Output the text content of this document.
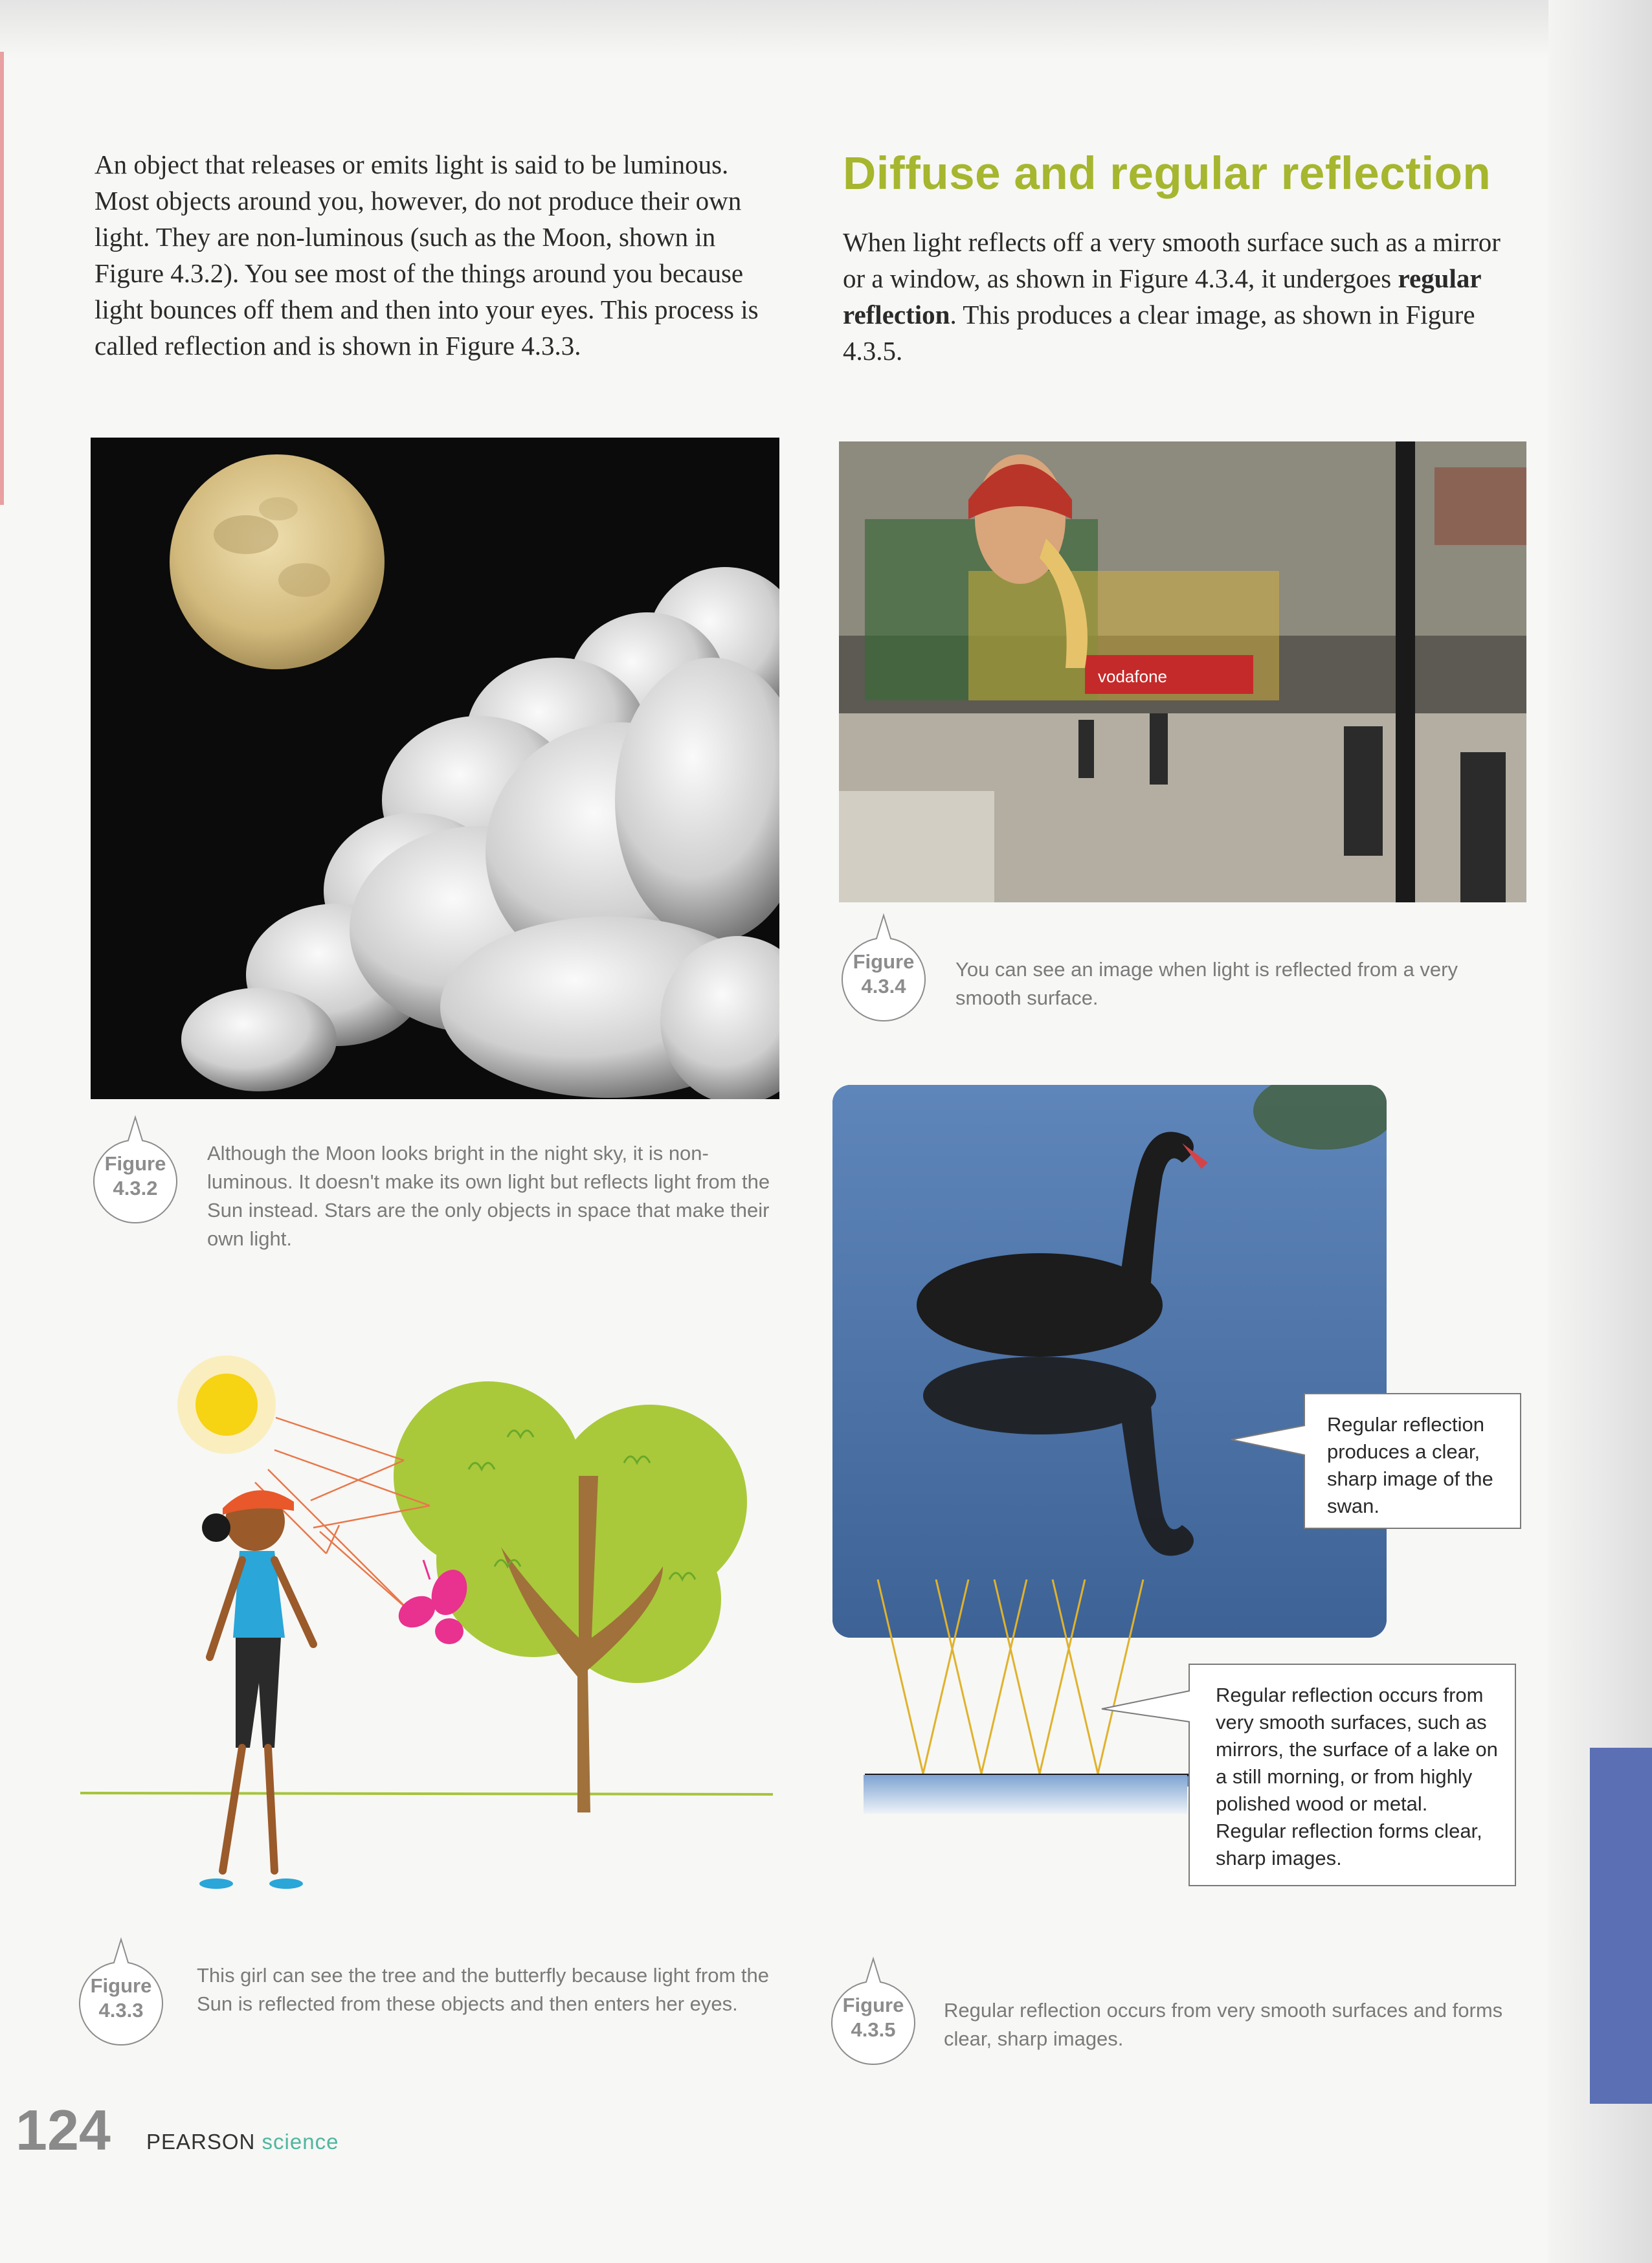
An object that releases or emits light is said to be luminous. Most objects around you, however, do not produce their own light. They are non-luminous (such as the Moon, shown in Figure 4.3.2). You see most of the things around you because light bounces off them and then into your eyes. This process is called reflection and is shown in Figure 4.3.3.

Diffuse and regular reflection

When light reflects off a very smooth surface such as a mirror or a window, as shown in Figure 4.3.4, it undergoes regular reflection. This produces a clear image, as shown in Figure 4.3.5.

Figure
4.3.2

Although the Moon looks bright in the night sky, it is non-luminous. It doesn't make its own light but reflects light from the Sun instead. Stars are the only objects in space that make their own light.

Figure
4.3.3

This girl can see the tree and the butterfly because light from the Sun is reflected from these objects and then enters her eyes.

vodafone
Figure
4.3.4

You can see an image when light is reflected from a very smooth surface.

Regular reflection produces a clear, sharp image of the swan.
Regular reflection occurs from very smooth surfaces, such as mirrors, the surface of a lake on a still morning, or from highly polished wood or metal. Regular reflection forms clear, sharp images.
Figure
4.3.5

Regular reflection occurs from very smooth surfaces and forms clear, sharp images.

124 PEARSON science
